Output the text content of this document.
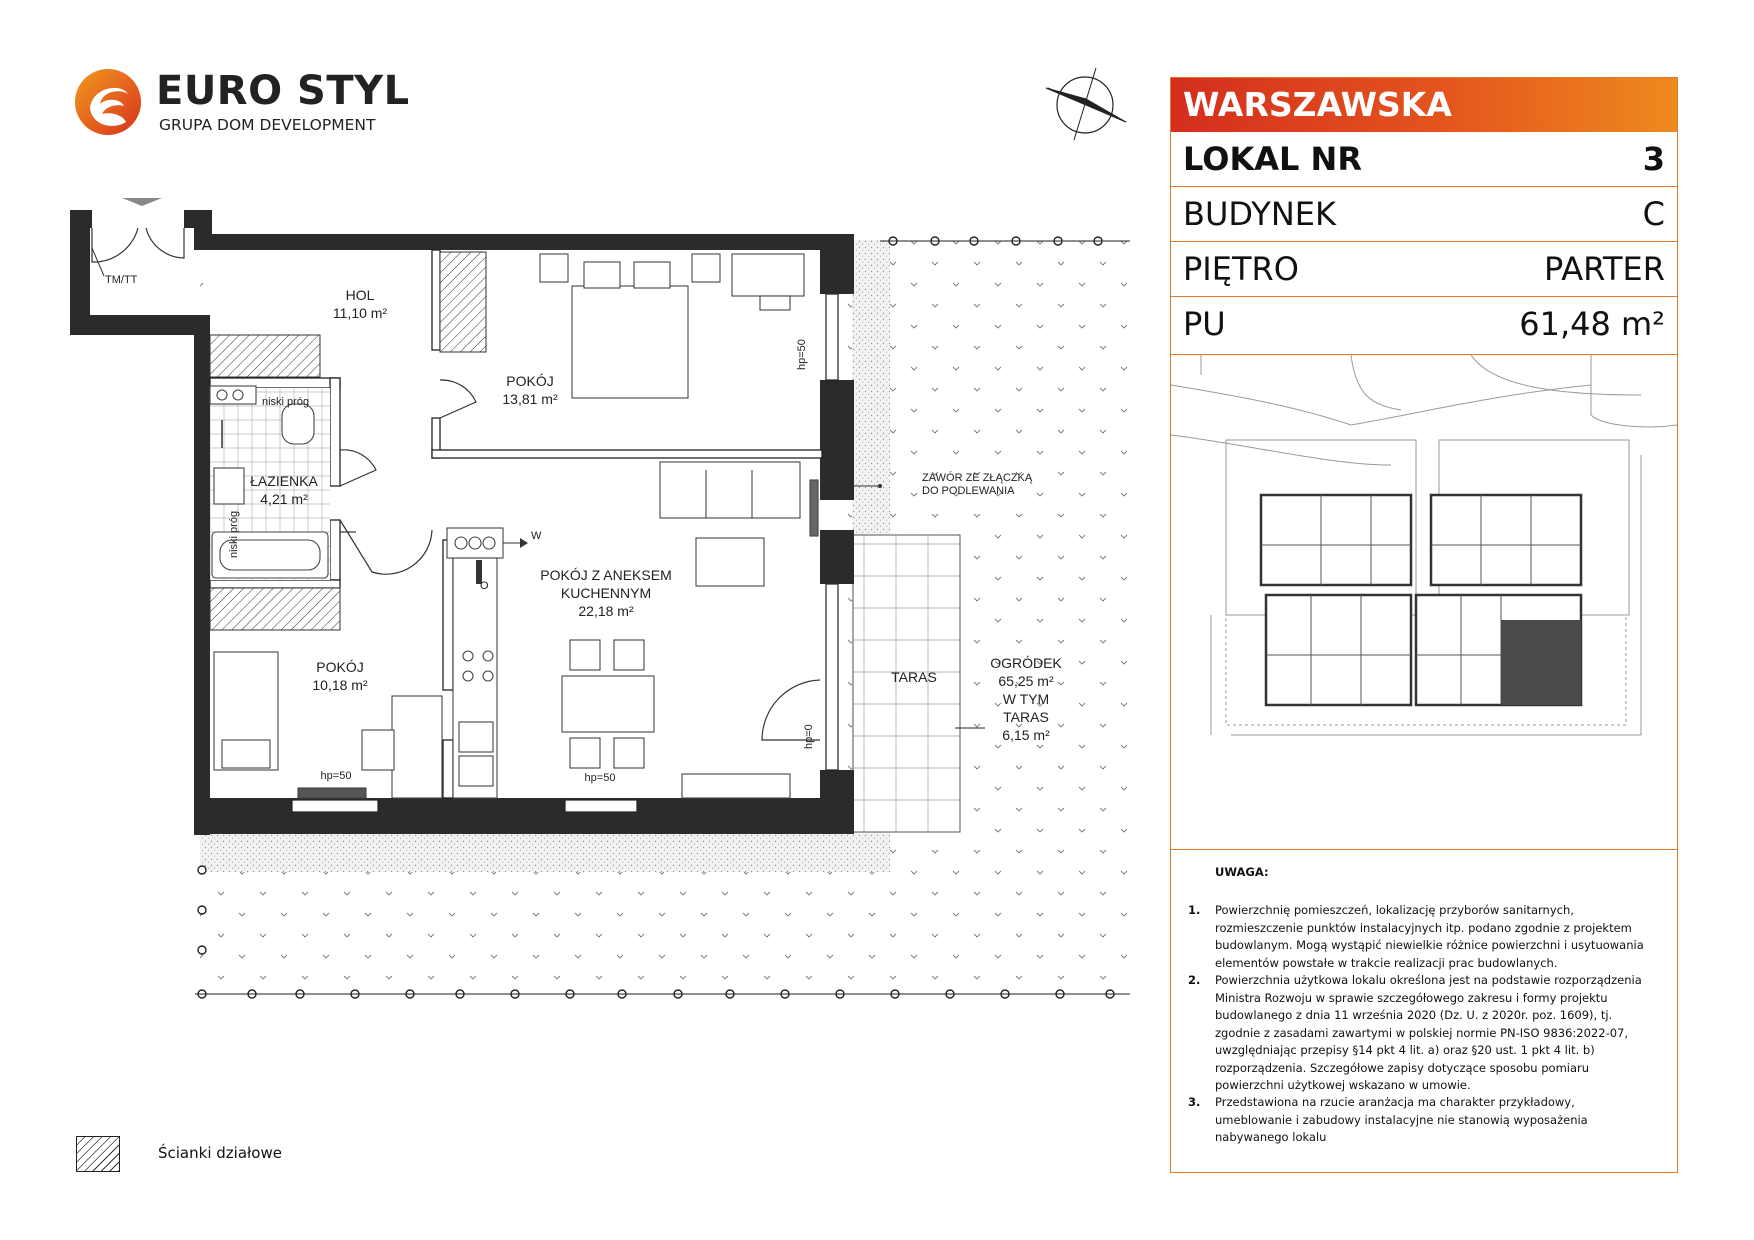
EURO STYL
GRUPA DOM DEVELOPMENT
HOL
11,10 m²
POKÓJ
13,81 m²
ŁAZIENKA
4,21 m²
POKÓJ Z ANEKSEM
KUCHENNYM
22,18 m²
POKÓJ
10,18 m²	TARAS
OGRÓDEK
65,25 m²
W TYM
TARAS
6,15 m²
TM/TT
niski próg
niski próg
ZAWÓR ZE ZŁĄCZKĄ
DO PODLEWANIA
hp=50
hp=50	hp=50
hp=0
W
O
WARSZAWSKA
LOKAL NR	3
BUDYNEK	C
PIĘTRO	PARTER
PU	61,48 m²
UWAGA:
1. Powierzchnię pomieszczeń, lokalizację przyborów sanitarnych, rozmieszczenie punktów instalacyjnych itp. podano zgodnie z projektem budowlanym. Mogą wystąpić niewielkie różnice powierzchni i usytuowania elementów powstałe w trakcie realizacji prac budowlanych.
2. Powierzchnia użytkowa lokalu określona jest na podstawie rozporządzenia Ministra Rozwoju w sprawie szczegółowego zakresu i formy projektu budowlanego z dnia 11 września 2020 (Dz. U. z 2020r. poz. 1609), tj. zgodnie z zasadami zawartymi w polskiej normie PN-ISO 9836:2022-07, uwzględniając przepisy §14 pkt 4 lit. a) oraz §20 ust. 1 pkt 4 lit. b) rozporządzenia. Szczegółowe zapisy dotyczące sposobu pomiaru powierzchni użytkowej wskazano w umowie.
3. Przedstawiona na rzucie aranżacja ma charakter przykładowy, umeblowanie i zabudowy instalacyjne nie stanowią wyposażenia nabywanego lokalu
Ścianki działowe
